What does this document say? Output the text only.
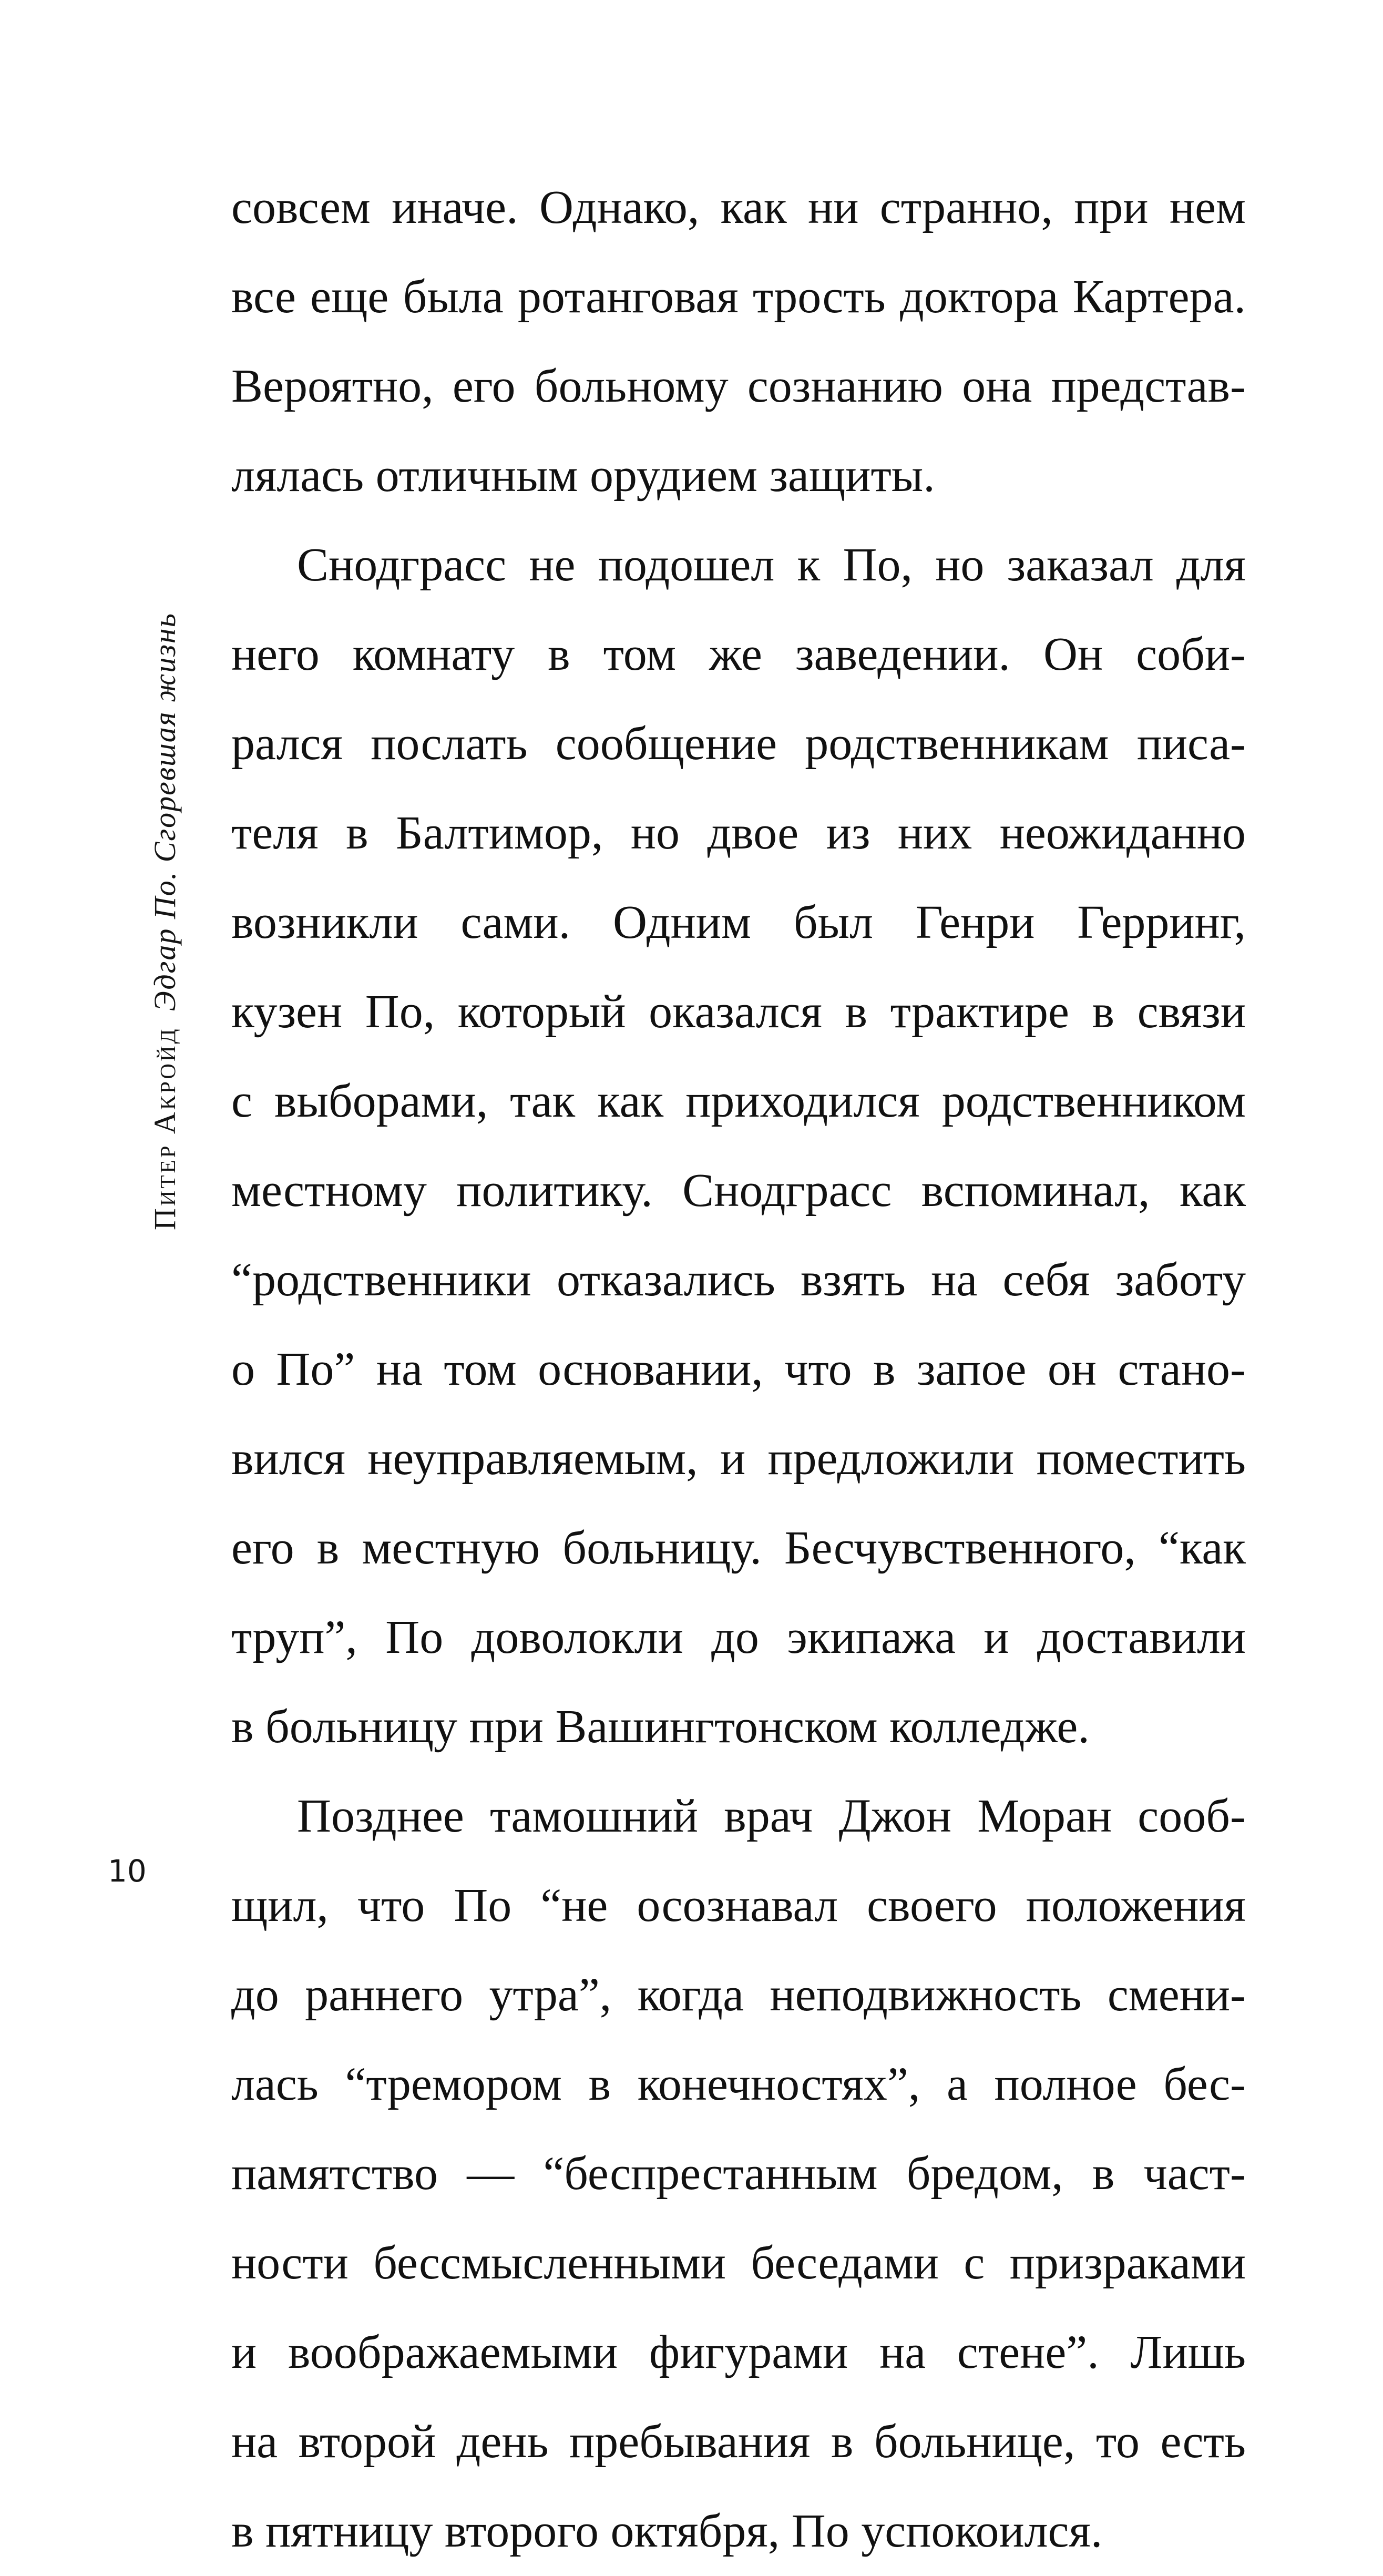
Питер АкройдЭдгар По. Сгоревшая жизнь
совсем иначе. Однако, как ни странно, при нем
все еще была ротанговая трость доктора Картера.
Вероятно, его больному сознанию она представ-
лялась отличным орудием защиты.
Снодграсс не подошел к По, но заказал для
него комнату в том же заведении. Он соби-
рался послать сообщение родственникам писа-
теля в Балтимор, но двое из них неожиданно
возникли сами. Одним был Генри Герринг,
кузен По, который оказался в трактире в связи
с выборами, так как приходился родственником
местному политику. Снодграсс вспоминал, как
“родственники отказались взять на себя заботу
о По” на том основании, что в запое он стано-
вился неуправляемым, и предложили поместить
его в местную больницу. Бесчувственного, “как
труп”, По доволокли до экипажа и доставили
в больницу при Вашингтонском колледже.
Позднее тамошний врач Джон Моран сооб-
щил, что По “не осознавал своего положения
до раннего утра”, когда неподвижность смени-
лась “тремором в конечностях”, а полное бес-
памятство — “беспрестанным бредом, в част-
ности бессмысленными беседами с призраками
и воображаемыми фигурами на стене”. Лишь
на второй день пребывания в больнице, то есть
в пятницу второго октября, По успокоился.
10
